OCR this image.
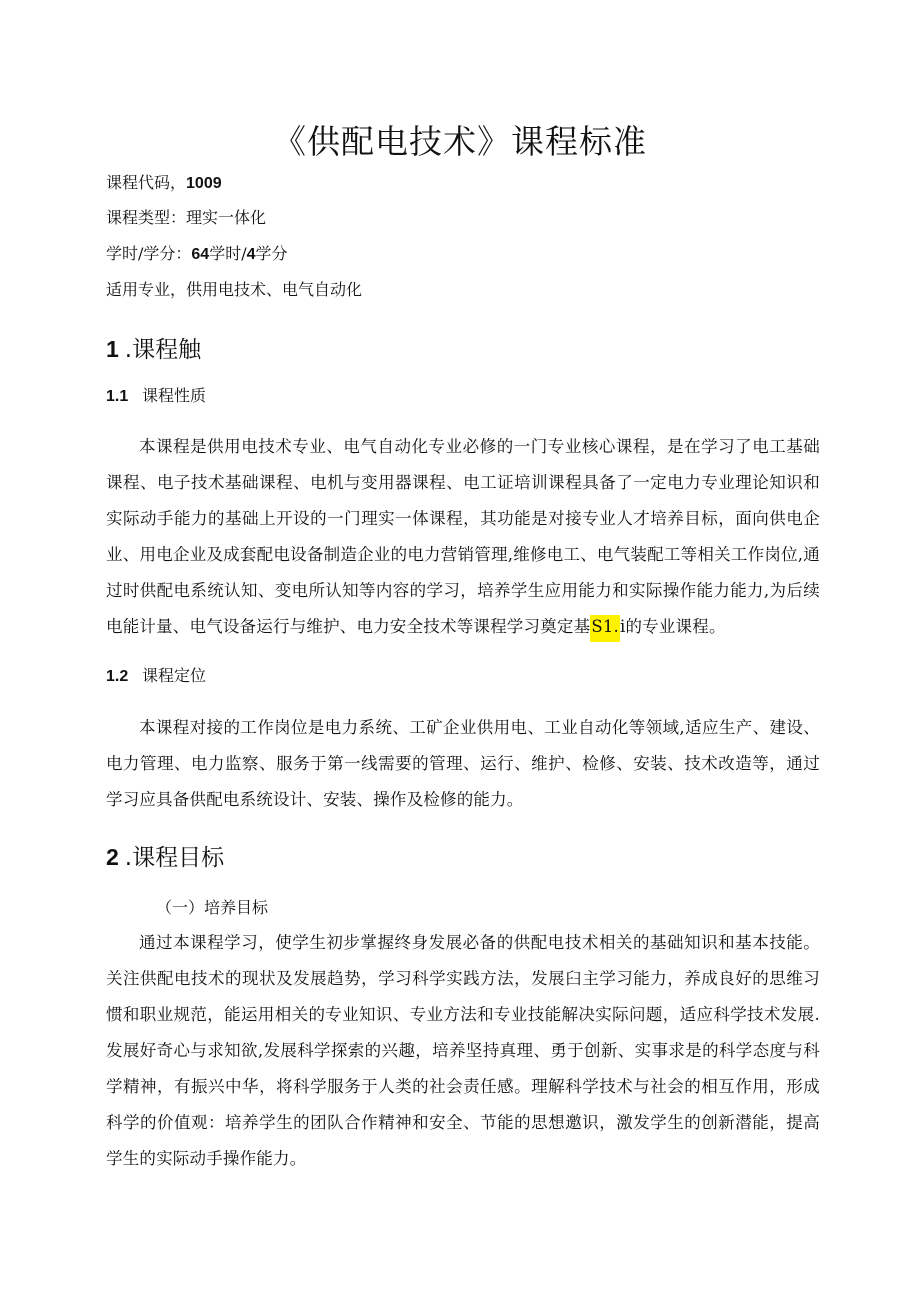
《供配电技术》课程标准
课程代码，1009
课程类型：理实一体化
学时/学分：64学时/4学分
适用专业，供用电技术、电气自动化
1 .课程触
1.1 课程性质
本课程是供用电技术专业、电气自动化专业必修的一门专业核心课程，是在学习了电工基础课程、电子技术基础课程、电机与变用器课程、电工证培训课程具备了一定电力专业理论知识和实际动手能力的基础上开设的一门理实一体课程，其功能是对接专业人才培养目标，面向供电企业、用电企业及成套配电设备制造企业的电力营销管理,维修电工、电气装配工等相关工作岗位,通过时供配电系统认知、变电所认知等内容的学习，培养学生应用能力和实际操作能力能力,为后续电能计量、电气设备运行与维护、电力安全技术等课程学习奠定基S1.i的专业课程。
1.2 课程定位
本课程对接的工作岗位是电力系统、工矿企业供用电、工业自动化等领域,适应生产、建设、电力管理、电力监察、服务于第一线需要的管理、运行、维护、检修、安装、技术改造等，通过学习应具备供配电系统设计、安装、操作及检修的能力。
2 .课程目标
（一）培养目标
通过本课程学习，使学生初步掌握终身发展必备的供配电技术相关的基础知识和基本技能。关注供配电技术的现状及发展趋势，学习科学实践方法，发展臼主学习能力，养成良好的思维习惯和职业规范，能运用相关的专业知识、专业方法和专业技能解决实际问题，适应科学技术发展.发展好奇心与求知欲,发展科学探索的兴趣，培养坚持真理、勇于创新、实事求是的科学态度与科学精神，有振兴中华，将科学服务于人类的社会责任感。理解科学技术与社会的相互作用，形成科学的价值观：培养学生的团队合作精神和安全、节能的思想邀识，激发学生的创新潜能，提高学生的实际动手操作能力。
